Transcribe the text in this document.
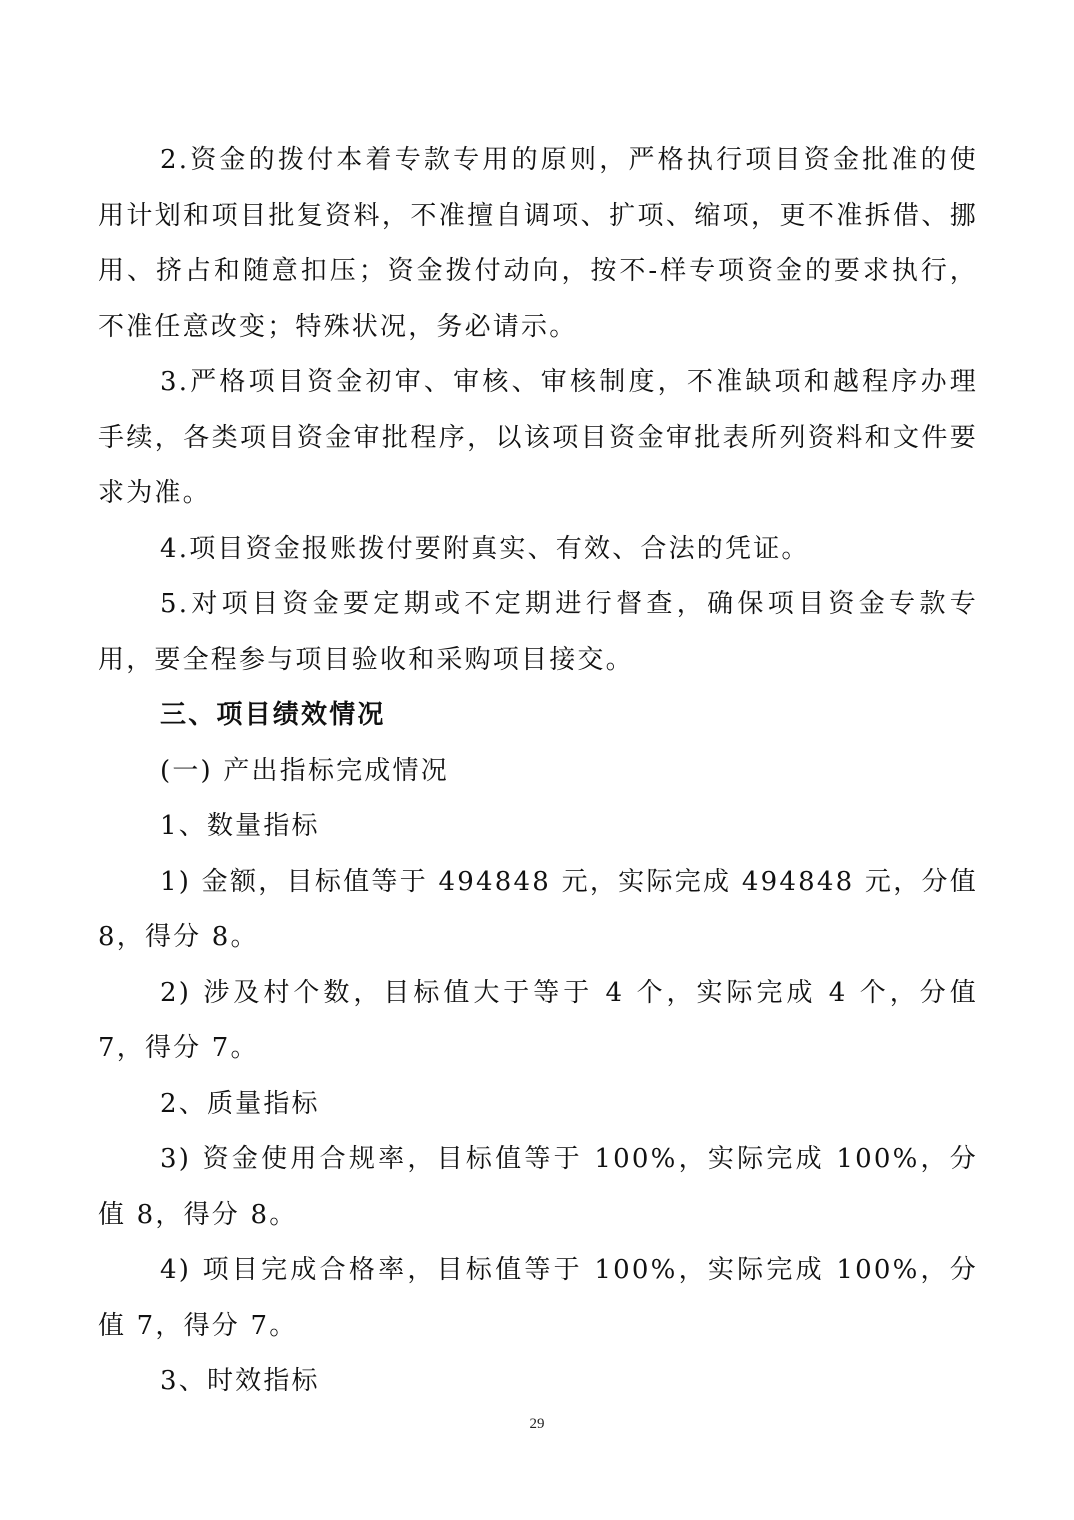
2.资金的拨付本着专款专用的原则，严格执行项目资金批准的使用计划和项目批复资料，不准擅自调项、扩项、缩项，更不准拆借、挪用、挤占和随意扣压；资金拨付动向，按不-样专项资金的要求执行，不准任意改变；特殊状况，务必请示。

3.严格项目资金初审、审核、审核制度，不准缺项和越程序办理手续，各类项目资金审批程序，以该项目资金审批表所列资料和文件要求为准。

4.项目资金报账拨付要附真实、有效、合法的凭证。

5.对项目资金要定期或不定期进行督查，确保项目资金专款专用，要全程参与项目验收和采购项目接交。

三、项目绩效情况

(一) 产出指标完成情况

1、数量指标

1) 金额，目标值等于 494848 元，实际完成 494848 元，分值 8，得分 8。

2) 涉及村个数，目标值大于等于 4 个，实际完成 4 个，分值 7，得分 7。

2、质量指标

3) 资金使用合规率，目标值等于 100%，实际完成 100%，分值 8，得分 8。

4) 项目完成合格率，目标值等于 100%，实际完成 100%，分值 7，得分 7。

3、时效指标

29
